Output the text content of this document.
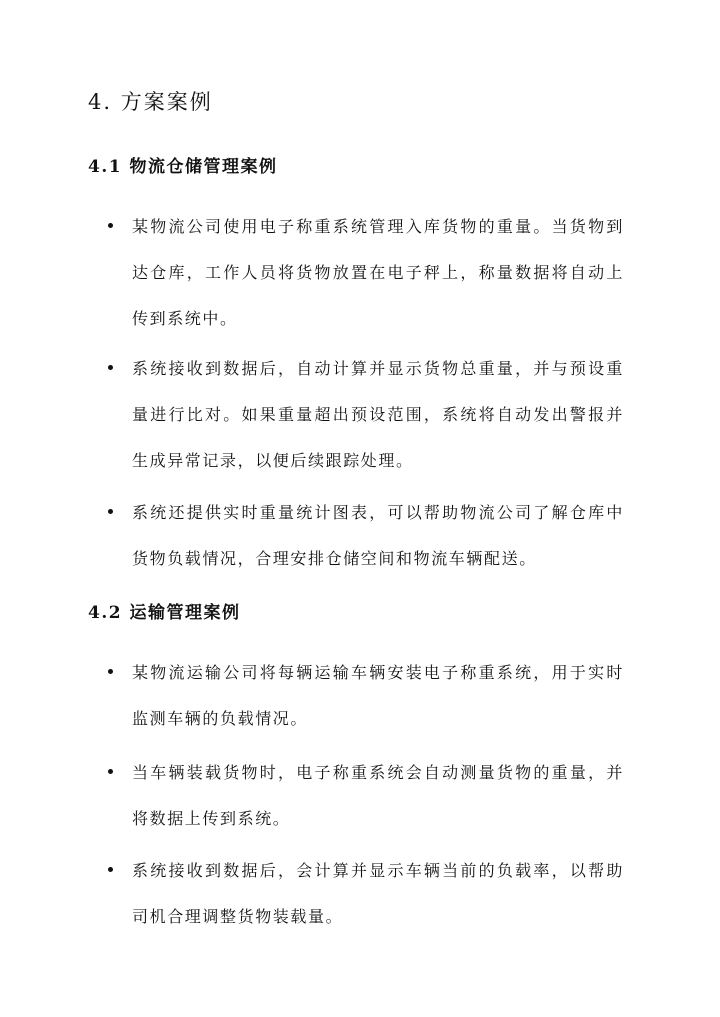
4. 方案案例
4.1 物流仓储管理案例
某物流公司使用电子称重系统管理入库货物的重量。当货物到达仓库，工作人员将货物放置在电子秤上，称量数据将自动上传到系统中。
系统接收到数据后，自动计算并显示货物总重量，并与预设重量进行比对。如果重量超出预设范围，系统将自动发出警报并生成异常记录，以便后续跟踪处理。
系统还提供实时重量统计图表，可以帮助物流公司了解仓库中货物负载情况，合理安排仓储空间和物流车辆配送。
4.2 运输管理案例
某物流运输公司将每辆运输车辆安装电子称重系统，用于实时监测车辆的负载情况。
当车辆装载货物时，电子称重系统会自动测量货物的重量，并将数据上传到系统。
系统接收到数据后，会计算并显示车辆当前的负载率，以帮助司机合理调整货物装载量。
